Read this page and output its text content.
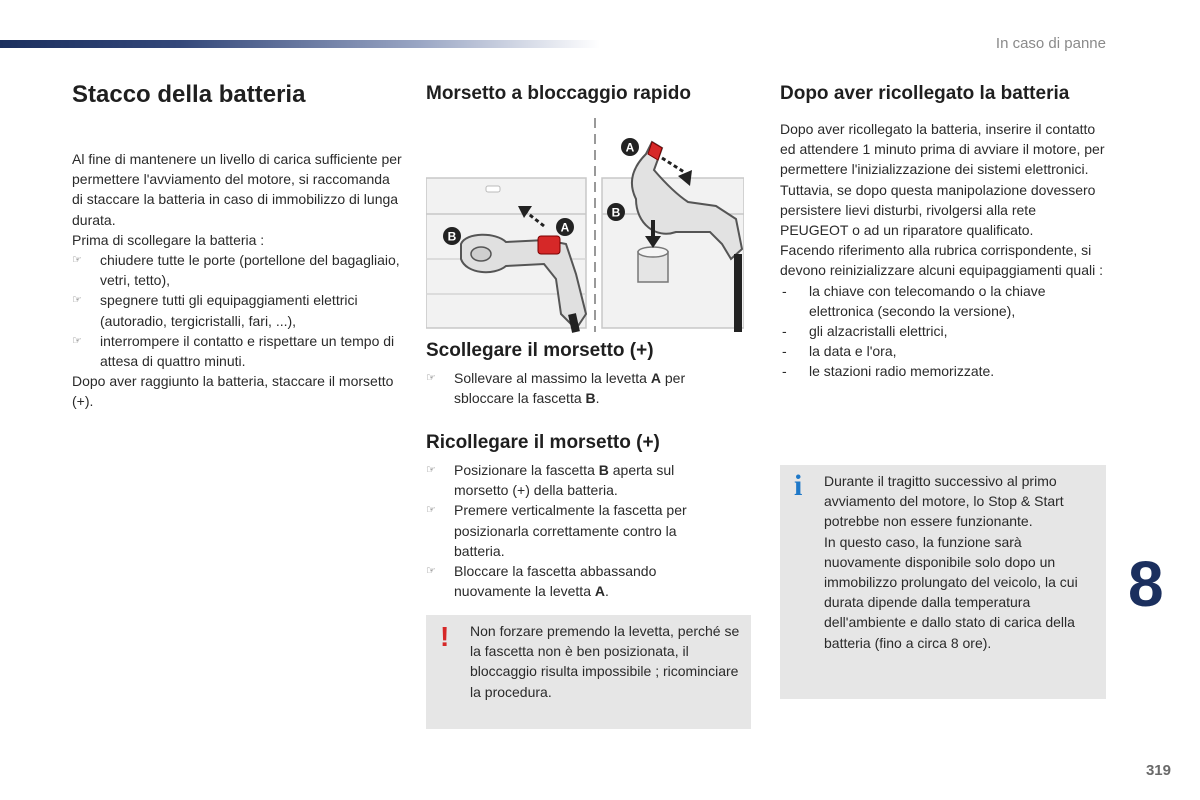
In caso di panne
Stacco della batteria
Al fine di mantenere un livello di carica sufficiente per permettere l'avviamento del motore, si raccomanda di staccare la batteria in caso di immobilizzo di lunga durata.
Prima di scollegare la batteria :
☞ chiudere tutte le porte (portellone del bagagliaio, vetri, tetto),
☞ spegnere tutti gli equipaggiamenti elettrici (autoradio, tergicristalli, fari, ...),
☞ interrompere il contatto e rispettare un tempo di attesa di quattro minuti.
Dopo aver raggiunto la batteria, staccare il morsetto (+).
Morsetto a bloccaggio rapido
A
B
A
B
Scollegare il morsetto (+)
☞ Sollevare al massimo la levetta A per sbloccare la fascetta B.
Ricollegare il morsetto (+)
☞ Posizionare la fascetta B aperta sul morsetto (+) della batteria.
☞ Premere verticalmente la fascetta per posizionarla correttamente contro la batteria.
☞ Bloccare la fascetta abbassando nuovamente la levetta A.
! Non forzare premendo la levetta, perché se la fascetta non è ben posizionata, il bloccaggio risulta impossibile ; ricominciare la procedura.
Dopo aver ricollegato la batteria
Dopo aver ricollegato la batteria, inserire il contatto ed attendere 1 minuto prima di avviare il motore, per permettere l'inizializzazione dei sistemi elettronici.
Tuttavia, se dopo questa manipolazione dovessero persistere lievi disturbi, rivolgersi alla rete PEUGEOT o ad un riparatore qualificato.
Facendo riferimento alla rubrica corrispondente, si devono reinizializzare alcuni equipaggiamenti quali :
- la chiave con telecomando o la chiave elettronica (secondo la versione),
- gli alzacristalli elettrici,
- la data e l'ora,
- le stazioni radio memorizzate.
i Durante il tragitto successivo al primo avviamento del motore, lo Stop & Start potrebbe non essere funzionante.
In questo caso, la funzione sarà nuovamente disponibile solo dopo un immobilizzo prolungato del veicolo, la cui durata dipende dalla temperatura dell'ambiente e dallo stato di carica della batteria (fino a circa 8 ore).
8
319
